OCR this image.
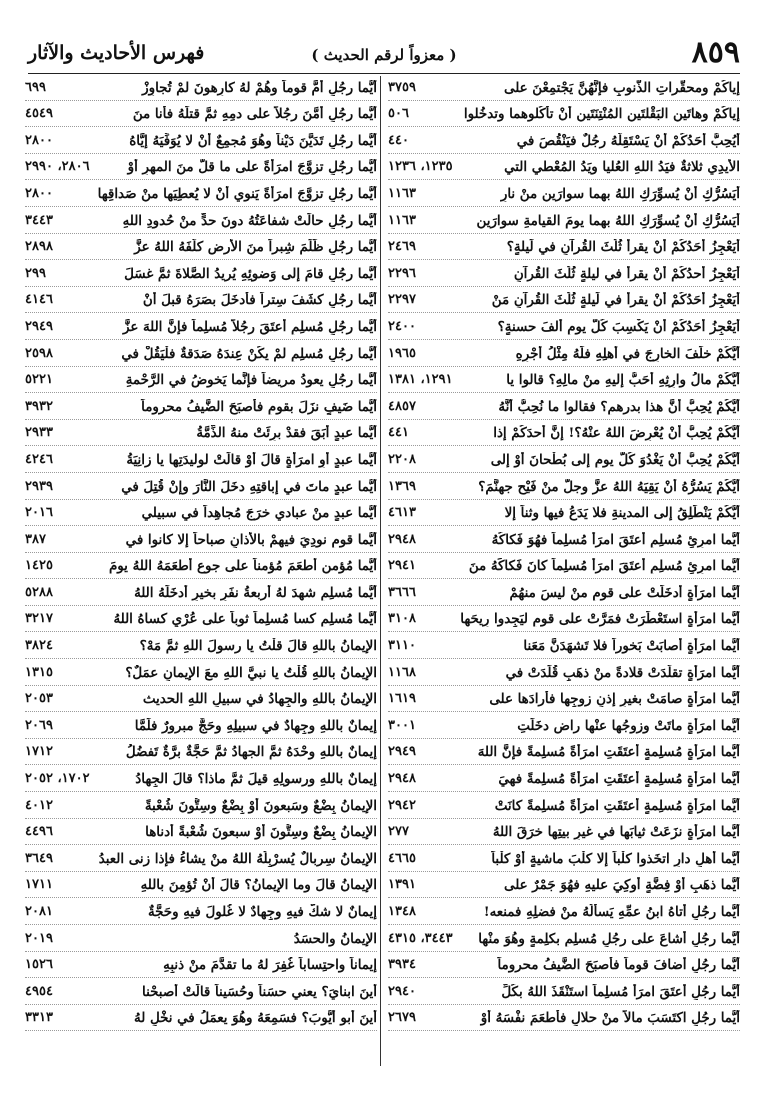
٨٥٩
( معزواً لرقم الحديث )
فهرس الأحاديث والآثار
إياكُمْ ومحقَّراتِ الذُّنوبِ فإنَّهُنَّ يَجْتمِعْنَ على
٣٧٥٩
إياكُمْ وهاتَينِ البَقْلتَينِ المُنْتِنَتَينِ أنْ تأكُلوهما وتدخُلوا
٥٠٦
أيُحِبُّ أحَدُكُمْ أنْ يَسْتَقِلَّهُ رجُلٌ فيَنْقُصَ في
٤٤٠
الأيدِي ثلاثةٌ فيَدُ اللهِ العُليا ويَدُ المُعْطي التي
١٢٣٥، ١٢٣٦
أيَسُرُّكِ أنْ يُسوِّرَكِ اللهُ بهما سوارَينِ منْ نارٍ
١١٦٣
أيَسُرُّكِ أنْ يُسوِّرَكِ اللهُ بهما يومَ القيامةِ سوارَينِ
١١٦٣
أيَعْجِزُ أحَدُكُمْ أنْ يقرأَ ثُلُثَ القُرآنِ في لَيلةٍ؟
٢٤٦٩
أيَعْجِزُ أحدُكُمْ أنْ يقرأَ في ليلةٍ ثُلُثَ القُرآنِ
٢٢٩٦
أيَعْجِزُ أحَدُكُمْ أنْ يقرأَ في لَيلةٍ ثُلُثَ القُرآنِ مَنْ
٢٢٩٧
أيَعْجِزُ أحَدُكُمْ أنْ يَكْسِبَ كُلَّ يومٍ ألفَ حسنةٍ؟
٢٤٠٠
أيُّكُمْ خلَفَ الخارِجَ في أهلِهِ فلَهُ مِثْلُ أجْرِهِ
١٩٦٥
أيُّكُمْ مالُ وارِثِهِ أحَبُّ إليهِ منْ مالِهِ؟ قالوا يا
١٢٩١، ١٣٨١
أيُّكُمْ يُحِبُّ أنَّ هذا بدرهمٍ؟ فقالوا ما نُحِبُّ أنَّهُ
٤٨٥٧
أيُّكُمْ يُحِبُّ أنْ يُعْرِضَ اللهُ عنْهُ؟! إنَّ أحدَكُمْ إذا
٤٤١
أيُّكُمْ يُحِبُّ أنْ يَغْدُوَ كُلَّ يومٍ إلى بُطْحانَ أوْ إلى
٢٢٠٨
أيُّكُمْ يَسُرُّهُ أنْ يَقِيَهُ اللهُ عزَّ وجلَّ منْ فَيْحِ جهنَّمَ؟
١٣٦٩
أيُّكُمْ يَنْطَلِقُ إلى المدينةِ فلا يَدَعُ فيها وثناً إلا
٤٦١٣
أيُّما امرِئٍ مُسلِمٍ أعتَقَ امرَأً مُسلِماً فهُوَ فَكاكُهُ
٢٩٤٨
أيُّما امرِئٍ مُسلِمٍ أعتَقَ امرَأً مُسلِماً كانَ فَكاكَهُ منَ
٢٩٤١
أيُّما امرَأةٍ أدخَلَتْ على قومٍ منْ ليسَ منهُمْ
٣٦٦٦
أيُّما امرَأةٍ استَعْطَرَتْ فمَرَّتْ على قومٍ ليَجِدوا رِيحَها
٣١٠٨
أيُّما امرَأةٍ أصابَتْ بَخوراً فلا تَشهَدَنَّ مَعَنا
٣١١٠
أيُّما امرَأةٍ تقلَّدَتْ قلادةً منْ ذهَبٍ قُلِّدَتْ في
١١٦٨
أيُّما امرَأةٍ صامَتْ بغيرِ إذنِ زوجِها فأرادَها على
١٦١٩
أيُّما امرَأةٍ ماتَتْ وزوجُها عنْها راضٍ دخَلَتِ
٣٠٠١
أيُّما امرَأةٍ مُسلِمةٍ أعتَقَتِ امرَأةً مُسلِمةً فإنَّ اللهَ
٢٩٤٩
أيُّما امرَأةٍ مُسلِمةٍ أعتَقَتِ امرَأةً مُسلِمةً فهيَ
٢٩٤٨
أيُّما امرَأةٍ مُسلِمةٍ أعتَقَتِ امرَأةً مُسلِمةً كانَتْ
٢٩٤٢
أيُّما امرَأةٍ نزَعَتْ ثيابَها في غيرِ بيتِها خرَقَ اللهُ
٢٧٧
أيُّما أهلِ دارٍ اتخَذوا كلْباً إلا كلْبَ ماشيةٍ أوْ كلْباً
٤٦٦٥
أيُّما ذهَبٍ أوْ فِضَّةٍ أُوكِيَ عليهِ فهُوَ جَمْرٌ على
١٣٩١
أيُّما رجُلٍ أتاهُ ابنُ عمِّهِ يَسألُهُ منْ فضلِهِ فمنعه!
١٣٤٨
أيُّما رجُلٍ أشاعَ على رجُلٍ مُسلِمٍ بكلِمةٍ وهُوَ منْها
٣٤٤٣، ٤٣١٥
أيُّما رجُلٍ أضافَ قوماً فأصبَحَ الضَّيفُ محروماً
٣٩٣٤
أيُّما رجُلٍ أعتَقَ امرَأً مُسلِماً استَنْقَذَ اللهُ بكُلِّ
٢٩٤٠
أيُّما رجُلٍ اكتَسَبَ مالاً منْ حلالٍ فأطعَمَ نفْسَهُ أوْ
٢٦٧٩
أيُّما رجُلٍ أمَّ قوماً وهُمْ لهُ كارِهونَ لمْ تُجاوِزْ
٦٩٩
أيُّما رجُلٍ أمَّنَ رجُلاً على دمِهِ ثمَّ قتلَهُ فأنا منَ
٤٥٤٩
أيُّما رجُلٍ تَدَيَّنَ دَيْناً وهُوَ مُجمِعٌ أنْ لا يُوَفِّيَهُ إيَّاهُ
٢٨٠٠
أيُّما رجُلٍ تزوَّجَ امرَأةً على ما قلَّ منَ المهرِ أوْ
٢٨٠٦، ٢٩٩٠
أيُّما رجُلٍ تزوَّجَ امرَأةً يَنوي أنْ لا يُعطِيَها منْ صَداقِها
٢٨٠٠
أيُّما رجُلٍ حالَتْ شفاعَتُهُ دونَ حدٍّ منْ حُدودِ اللهِ
٣٤٤٣
أيُّما رجُلٍ ظَلَمَ شِبراً منَ الأرضِ كلَّفَهُ اللهُ عزَّ
٢٨٩٨
أيُّما رجُلٍ قامَ إلى وَضوئِهِ يُريدُ الصَّلاةَ ثمَّ غسَلَ
٢٩٩
أيُّما رجُلٍ كشَفَ سِتراً فأدخَلَ بصَرَهُ قبلَ أنْ
٤١٤٦
أيُّما رجُلٍ مُسلِمٍ أعتَقَ رجُلاً مُسلِماً فإنَّ اللهَ عزَّ
٢٩٤٩
أيُّما رجُلٍ مُسلِمٍ لمْ يكُنْ عِندَهُ صَدَقةٌ فلْيَقُلْ في
٢٥٩٨
أيُّما رجُلٍ يعودُ مريضاً فإنَّما يَخوضُ في الرَّحْمةِ
٥٢٢١
أيُّما ضَيفٍ نزَلَ بقومٍ فأصبَحَ الضَّيفُ محروماً
٣٩٣٢
أيُّما عبدٍ أبَقَ فقدْ برِئَتْ منهُ الذِّمَّةُ
٢٩٣٣
أيُّما عبدٍ أوِ امرَأةٍ قالَ أوْ قالَتْ لوليدَتِها يا زانِيَةُ
٤٢٤٦
أيُّما عبدٍ ماتَ في إباقتِهِ دخَلَ النَّارَ وإنْ قُتِلَ في
٢٩٣٩
أيُّما عبدٍ منْ عبادي خرَجَ مُجاهِداً في سبيلي
٢٠١٦
أيُّما قومٍ نودِيَ فيهِمْ بالأذانِ صباحاً إلا كانوا في
٣٨٧
أيُّما مُؤمنٍ أطعَمَ مُؤمناً على جوعٍ أطعَمَهُ اللهُ يومَ
١٤٢٥
أيُّما مُسلِمٍ شهِدَ لهُ أربعةُ نفَرٍ بخيرٍ أدخَلَهُ اللهُ
٥٢٨٨
أيُّما مُسلِمٍ كسا مُسلِماً ثوباً على عُرْيٍ كساهُ اللهُ
٣٢١٧
الإيمانُ باللهِ قالَ قلْتُ يا رسولَ اللهِ ثمَّ مَهْ؟
٣٨٢٤
الإيمانُ باللهِ قُلْتُ يا نبيَّ اللهِ معَ الإيمانِ عمَلٌ؟
١٣١٥
الإيمانُ باللهِ والجِهادُ في سبيلِ اللهِ الحديث
٢٠٥٣
إيمانٌ باللهِ وجِهادٌ في سبيلِهِ وحَجٌّ مبرورٌ فلَمَّا
٢٠٦٩
إيمانٌ باللهِ وحْدَهُ ثمَّ الجهادُ ثمَّ حَجَّةٌ برَّةٌ تَفضُلُ
١٧١٢
إيمانٌ باللهِ ورسولِهِ قيلَ ثمَّ ماذا؟ قالَ الجِهادُ
١٧٠٢، ٢٠٥٢
الإيمانُ بِضْعٌ وسَبعونَ أوْ بِضْعٌ وسِتُّونَ شُعْبةً
٤٠١٢
الإيمانُ بِضْعٌ وسِتُّونَ أوْ سبعونَ شُعْبةً أدناها
٤٤٩٦
الإيمانُ سِربالٌ يُسرْبِلُهُ اللهُ منْ يشاءُ فإذا زنى العبدُ
٣٦٤٩
الإيمانُ قالَ وما الإيمانُ؟ قالَ أنْ تُؤمِنَ باللهِ
١٧١١
إيمانٌ لا شكَّ فيهِ وجِهادٌ لا غُلولَ فيهِ وحَجَّةٌ
٢٠٨١
الإيمانُ والحسَدُ
٢٠١٩
إيماناً واحتِساباً غُفِرَ لهُ ما تقدَّمَ منْ ذنبِهِ
١٥٢٦
أينَ ابنايَ؟ يعني حسَناً وحُسَيناً قالَتْ أصبحْنا
٤٩٥٤
أينَ أبو أيُّوبَ؟ فسَمِعَهُ وهُوَ يعمَلُ في نخْلٍ لهُ
٣٣١٣
